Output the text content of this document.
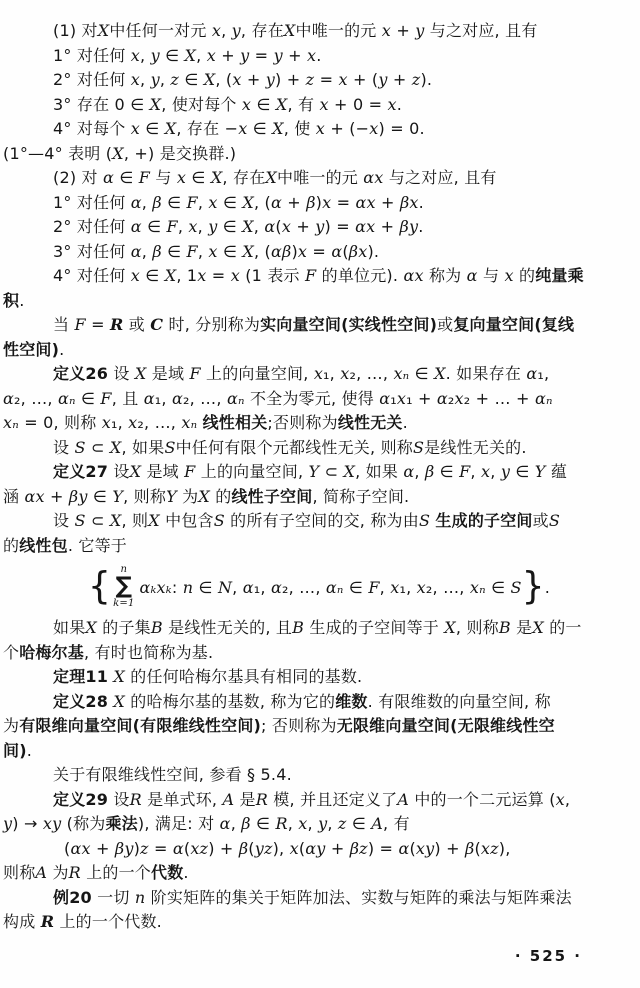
(1) 对X中任何一对元 x, y, 存在X中唯一的元 x + y 与之对应, 且有
1° 对任何 x, y ∈ X, x + y = y + x.
2° 对任何 x, y, z ∈ X, (x + y) + z = x + (y + z).
3° 存在 0 ∈ X, 使对每个 x ∈ X, 有 x + 0 = x.
4° 对每个 x ∈ X, 存在 −x ∈ X, 使 x + (−x) = 0.
(1°—4° 表明 (X, +) 是交换群.)
(2) 对 α ∈ F 与 x ∈ X, 存在X中唯一的元 αx 与之对应, 且有
1° 对任何 α, β ∈ F, x ∈ X, (α + β)x = αx + βx.
2° 对任何 α ∈ F, x, y ∈ X, α(x + y) = αx + βy.
3° 对任何 α, β ∈ F, x ∈ X, (αβ)x = α(βx).
4° 对任何 x ∈ X, 1x = x (1 表示 F 的单位元). αx 称为 α 与 x 的纯量乘
积.
当 F = R 或 C 时, 分别称为实向量空间(实线性空间)或复向量空间(复线
性空间).
定义26 设 X 是域 F 上的向量空间, x₁, x₂, …, xₙ ∈ X. 如果存在 α₁,
α₂, …, αₙ ∈ F, 且 α₁, α₂, …, αₙ 不全为零元, 使得 α₁x₁ + α₂x₂ + … + αₙ
xₙ = 0, 则称 x₁, x₂, …, xₙ 线性相关;否则称为线性无关.
设 S ⊂ X, 如果S中任何有限个元都线性无关, 则称S是线性无关的.
定义27 设X 是域 F 上的向量空间, Y ⊂ X, 如果 α, β ∈ F, x, y ∈ Y 蕴
涵 αx + βy ∈ Y, 则称Y 为X 的线性子空间, 简称子空间.
设 S ⊂ X, 则X 中包含S 的所有子空间的交, 称为由S 生成的子空间或S
的线性包. 它等于
{ n
∑
k=1
αₖxₖ: n ∈ N, α₁, α₂, …, αₙ ∈ F, x₁, x₂, …, xₙ ∈ S } .
如果X 的子集B 是线性无关的, 且B 生成的子空间等于 X, 则称B 是X 的一
个哈梅尔基, 有时也简称为基.
定理11 X 的任何哈梅尔基具有相同的基数.
定义28 X 的哈梅尔基的基数, 称为它的维数. 有限维数的向量空间, 称
为有限维向量空间(有限维线性空间); 否则称为无限维向量空间(无限维线性空
间).
关于有限维线性空间, 参看 § 5.4.
定义29 设R 是单式环, A 是R 模, 并且还定义了A 中的一个二元运算 (x,
y) → xy (称为乘法), 满足: 对 α, β ∈ R, x, y, z ∈ A, 有
(αx + βy)z = α(xz) + β(yz), x(αy + βz) = α(xy) + β(xz),
则称A 为R 上的一个代数.
例20 一切 n 阶实矩阵的集关于矩阵加法、实数与矩阵的乘法与矩阵乘法
构成 R 上的一个代数.
· 525 ·
